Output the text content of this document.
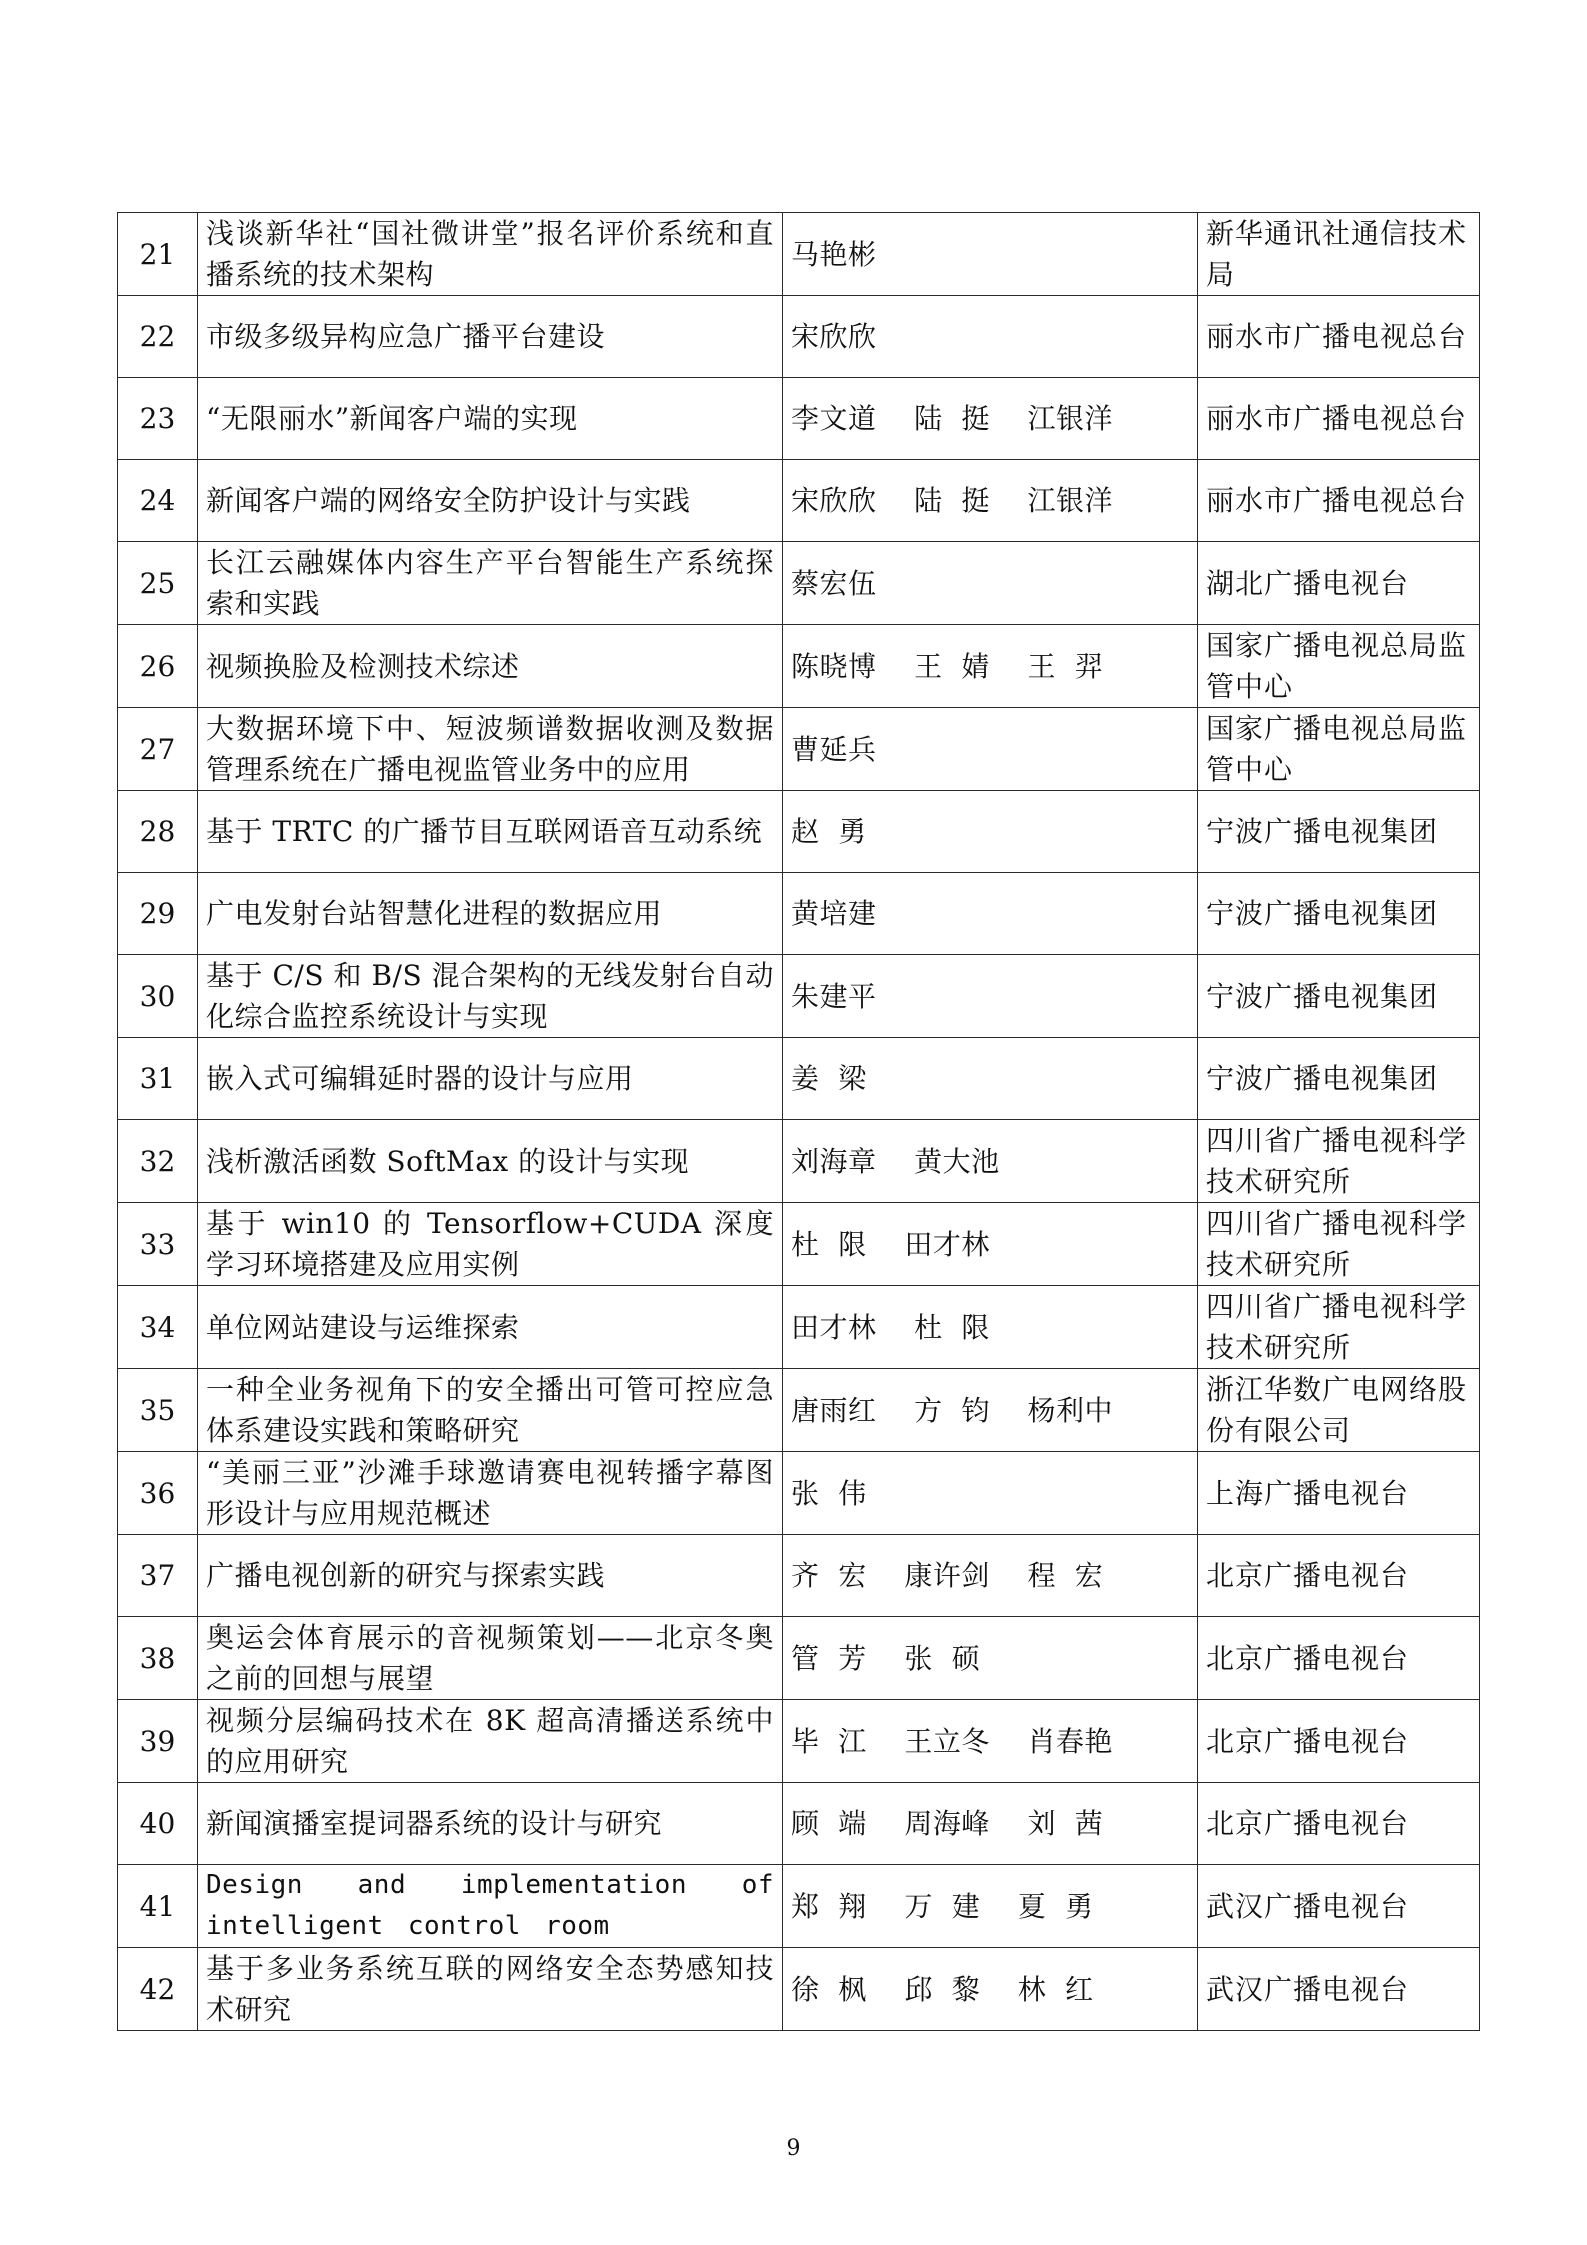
21	浅谈新华社“国社微讲堂”报名评价系统和直播系统的技术架构	马艳彬	新华通讯社通信技术局
22	市级多级异构应急广播平台建设	宋欣欣	丽水市广播电视总台
23	“无限丽水”新闻客户端的实现	李文道    陆  挺    江银洋	丽水市广播电视总台
24	新闻客户端的网络安全防护设计与实践	宋欣欣    陆  挺    江银洋	丽水市广播电视总台
25	长江云融媒体内容生产平台智能生产系统探索和实践	蔡宏伍	湖北广播电视台
26	视频换脸及检测技术综述	陈晓博    王  婧    王  羿	国家广播电视总局监管中心
27	大数据环境下中、短波频谱数据收测及数据管理系统在广播电视监管业务中的应用	曹延兵	国家广播电视总局监管中心
28	基于 TRTC 的广播节目互联网语音互动系统	赵  勇	宁波广播电视集团
29	广电发射台站智慧化进程的数据应用	黄培建	宁波广播电视集团
30	基于 C/S 和 B/S 混合架构的无线发射台自动化综合监控系统设计与实现	朱建平	宁波广播电视集团
31	嵌入式可编辑延时器的设计与应用	姜  梁	宁波广播电视集团
32	浅析激活函数 SoftMax 的设计与实现	刘海章    黄大池	四川省广播电视科学技术研究所
33	基于 win10 的 Tensorflow+CUDA 深度学习环境搭建及应用实例	杜  限    田才林	四川省广播电视科学技术研究所
34	单位网站建设与运维探索	田才林    杜  限	四川省广播电视科学技术研究所
35	一种全业务视角下的安全播出可管可控应急体系建设实践和策略研究	唐雨红    方  钧    杨利中	浙江华数广电网络股份有限公司
36	“美丽三亚”沙滩手球邀请赛电视转播字幕图形设计与应用规范概述	张  伟	上海广播电视台
37	广播电视创新的研究与探索实践	齐  宏    康许剑    程  宏	北京广播电视台
38	奥运会体育展示的音视频策划——北京冬奥之前的回想与展望	管  芳    张  硕	北京广播电视台
39	视频分层编码技术在 8K 超高清播送系统中的应用研究	毕  江    王立冬    肖春艳	北京广播电视台
40	新闻演播室提词器系统的设计与研究	顾  端    周海峰    刘  茜	北京广播电视台
41	Design and implementation of intelligent control room	郑  翔    万  建    夏  勇	武汉广播电视台
42	基于多业务系统互联的网络安全态势感知技术研究	徐  枫    邱  黎    林  红	武汉广播电视台
9
